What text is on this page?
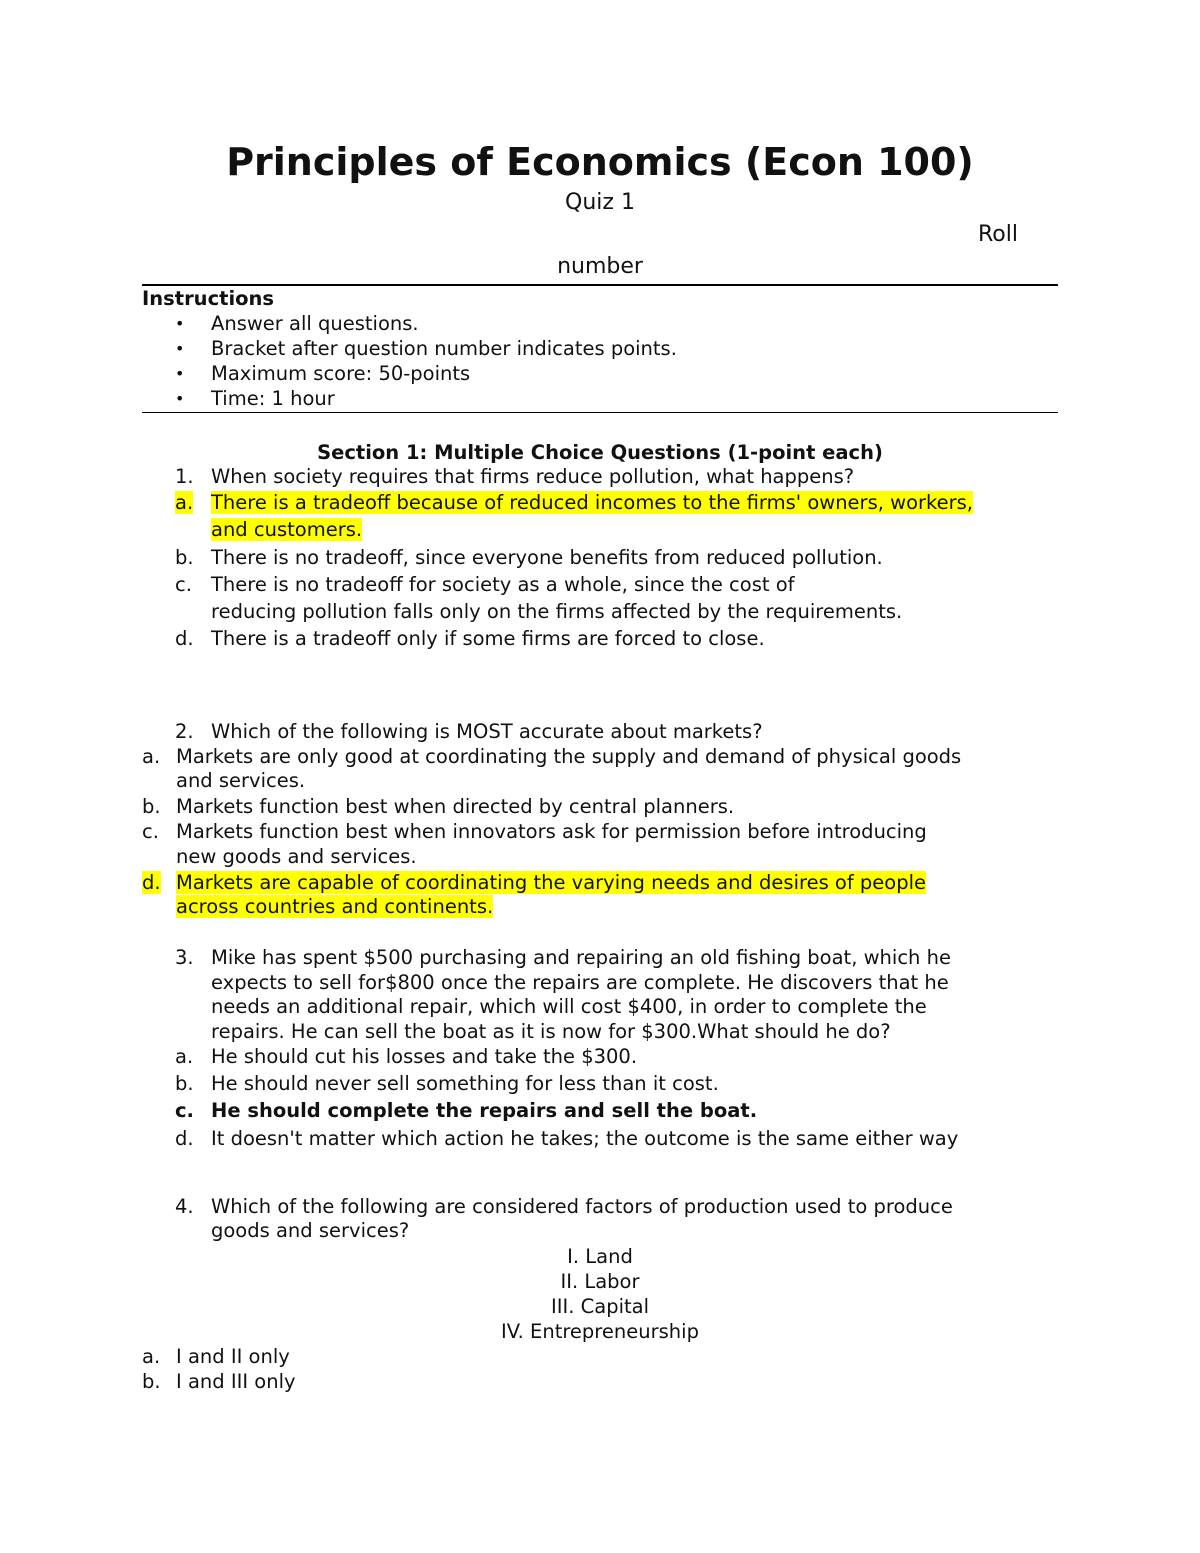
Principles of Economics (Econ 100)
Quiz 1
Roll
number
Instructions
• Answer all questions.
• Bracket after question number indicates points.
• Maximum score: 50-points
• Time: 1 hour
Section 1: Multiple Choice Questions (1-point each)
1. When society requires that firms reduce pollution, what happens?
a. There is a tradeoff because of reduced incomes to the firms' owners, workers,
and customers.
b. There is no tradeoff, since everyone benefits from reduced pollution.
c. There is no tradeoff for society as a whole, since the cost of
reducing pollution falls only on the firms affected by the requirements.
d. There is a tradeoff only if some firms are forced to close.
2. Which of the following is MOST accurate about markets?
a. Markets are only good at coordinating the supply and demand of physical goods
and services.
b. Markets function best when directed by central planners.
c. Markets function best when innovators ask for permission before introducing
new goods and services.
d. Markets are capable of coordinating the varying needs and desires of people
across countries and continents.
3. Mike has spent $500 purchasing and repairing an old fishing boat, which he
expects to sell for$800 once the repairs are complete. He discovers that he
needs an additional repair, which will cost $400, in order to complete the
repairs. He can sell the boat as it is now for $300.What should he do?
a. He should cut his losses and take the $300.
b. He should never sell something for less than it cost.
c. He should complete the repairs and sell the boat.
d. It doesn't matter which action he takes; the outcome is the same either way
4. Which of the following are considered factors of production used to produce
goods and services?
I. Land
II. Labor
III. Capital
IV. Entrepreneurship
a. I and II only
b. I and III only
